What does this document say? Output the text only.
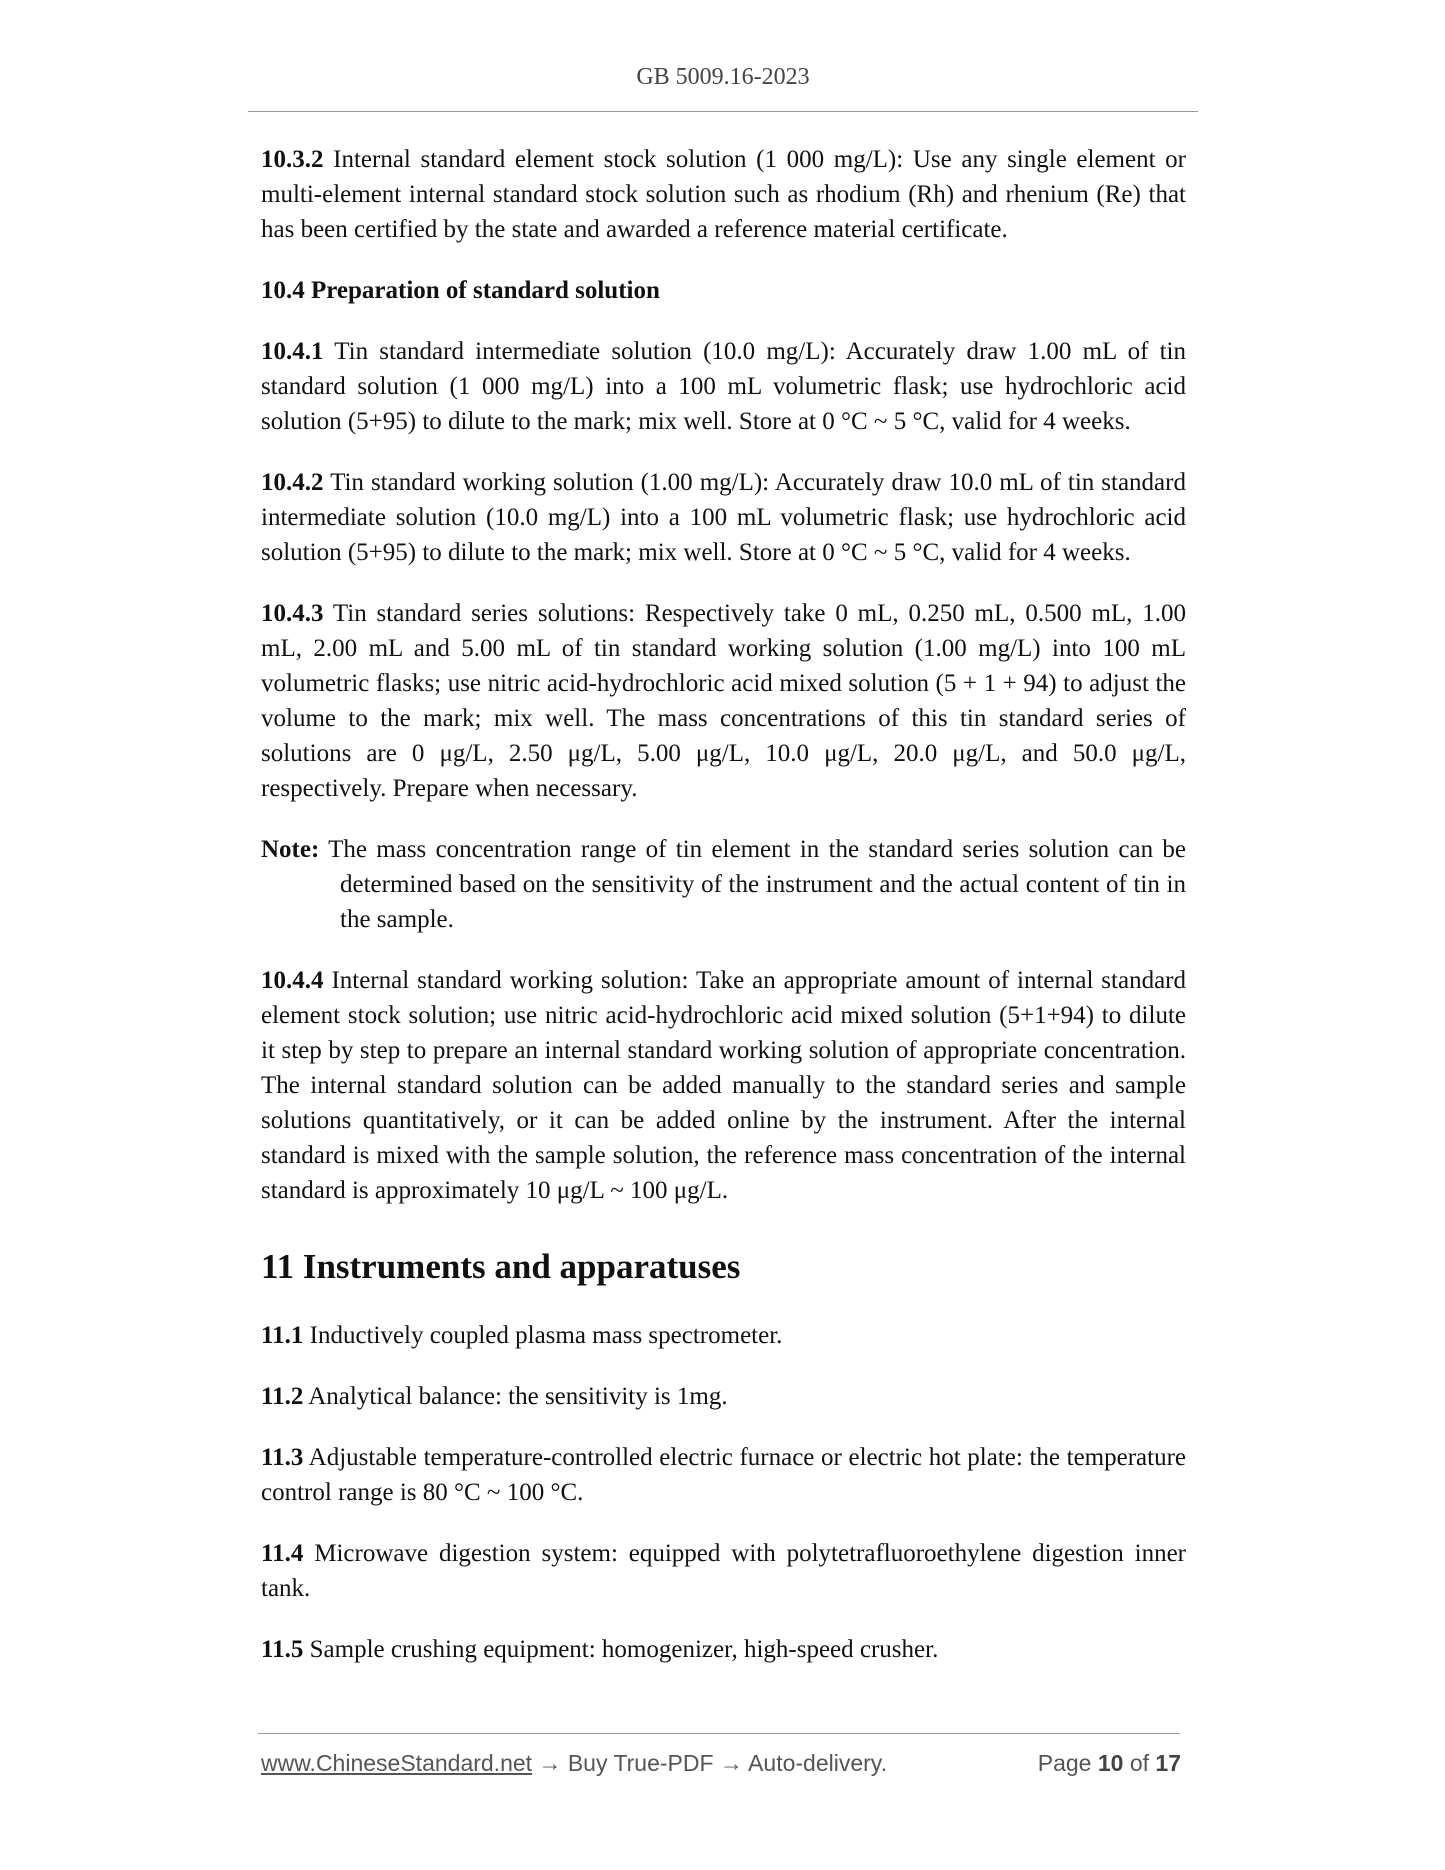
GB 5009.16-2023

10.3.2 Internal standard element stock solution (1 000 mg/L): Use any single element or multi-element internal standard stock solution such as rhodium (Rh) and rhenium (Re) that has been certified by the state and awarded a reference material certificate.

10.4 Preparation of standard solution

10.4.1 Tin standard intermediate solution (10.0 mg/L): Accurately draw 1.00 mL of tin standard solution (1 000 mg/L) into a 100 mL volumetric flask; use hydrochloric acid solution (5+95) to dilute to the mark; mix well. Store at 0 °C ~ 5 °C, valid for 4 weeks.

10.4.2 Tin standard working solution (1.00 mg/L): Accurately draw 10.0 mL of tin standard intermediate solution (10.0 mg/L) into a 100 mL volumetric flask; use hydrochloric acid solution (5+95) to dilute to the mark; mix well. Store at 0 °C ~ 5 °C, valid for 4 weeks.

10.4.3 Tin standard series solutions: Respectively take 0 mL, 0.250 mL, 0.500 mL, 1.00 mL, 2.00 mL and 5.00 mL of tin standard working solution (1.00 mg/L) into 100 mL volumetric flasks; use nitric acid-hydrochloric acid mixed solution (5 + 1 + 94) to adjust the volume to the mark; mix well. The mass concentrations of this tin standard series of solutions are 0 μg/L, 2.50 μg/L, 5.00 μg/L, 10.0 μg/L, 20.0 μg/L, and 50.0 μg/L, respectively. Prepare when necessary.

Note: The mass concentration range of tin element in the standard series solution can be determined based on the sensitivity of the instrument and the actual content of tin in the sample.

10.4.4 Internal standard working solution: Take an appropriate amount of internal standard element stock solution; use nitric acid-hydrochloric acid mixed solution (5+1+94) to dilute it step by step to prepare an internal standard working solution of appropriate concentration. The internal standard solution can be added manually to the standard series and sample solutions quantitatively, or it can be added online by the instrument. After the internal standard is mixed with the sample solution, the reference mass concentration of the internal standard is approximately 10 μg/L ~ 100 μg/L.

11 Instruments and apparatuses

11.1 Inductively coupled plasma mass spectrometer.

11.2 Analytical balance: the sensitivity is 1mg.

11.3 Adjustable temperature-controlled electric furnace or electric hot plate: the temperature control range is 80 °C ~ 100 °C.

11.4 Microwave digestion system: equipped with polytetrafluoroethylene digestion inner tank.

11.5 Sample crushing equipment: homogenizer, high-speed crusher.

www.ChineseStandard.net → Buy True-PDF → Auto-delivery.	Page 10 of 17
